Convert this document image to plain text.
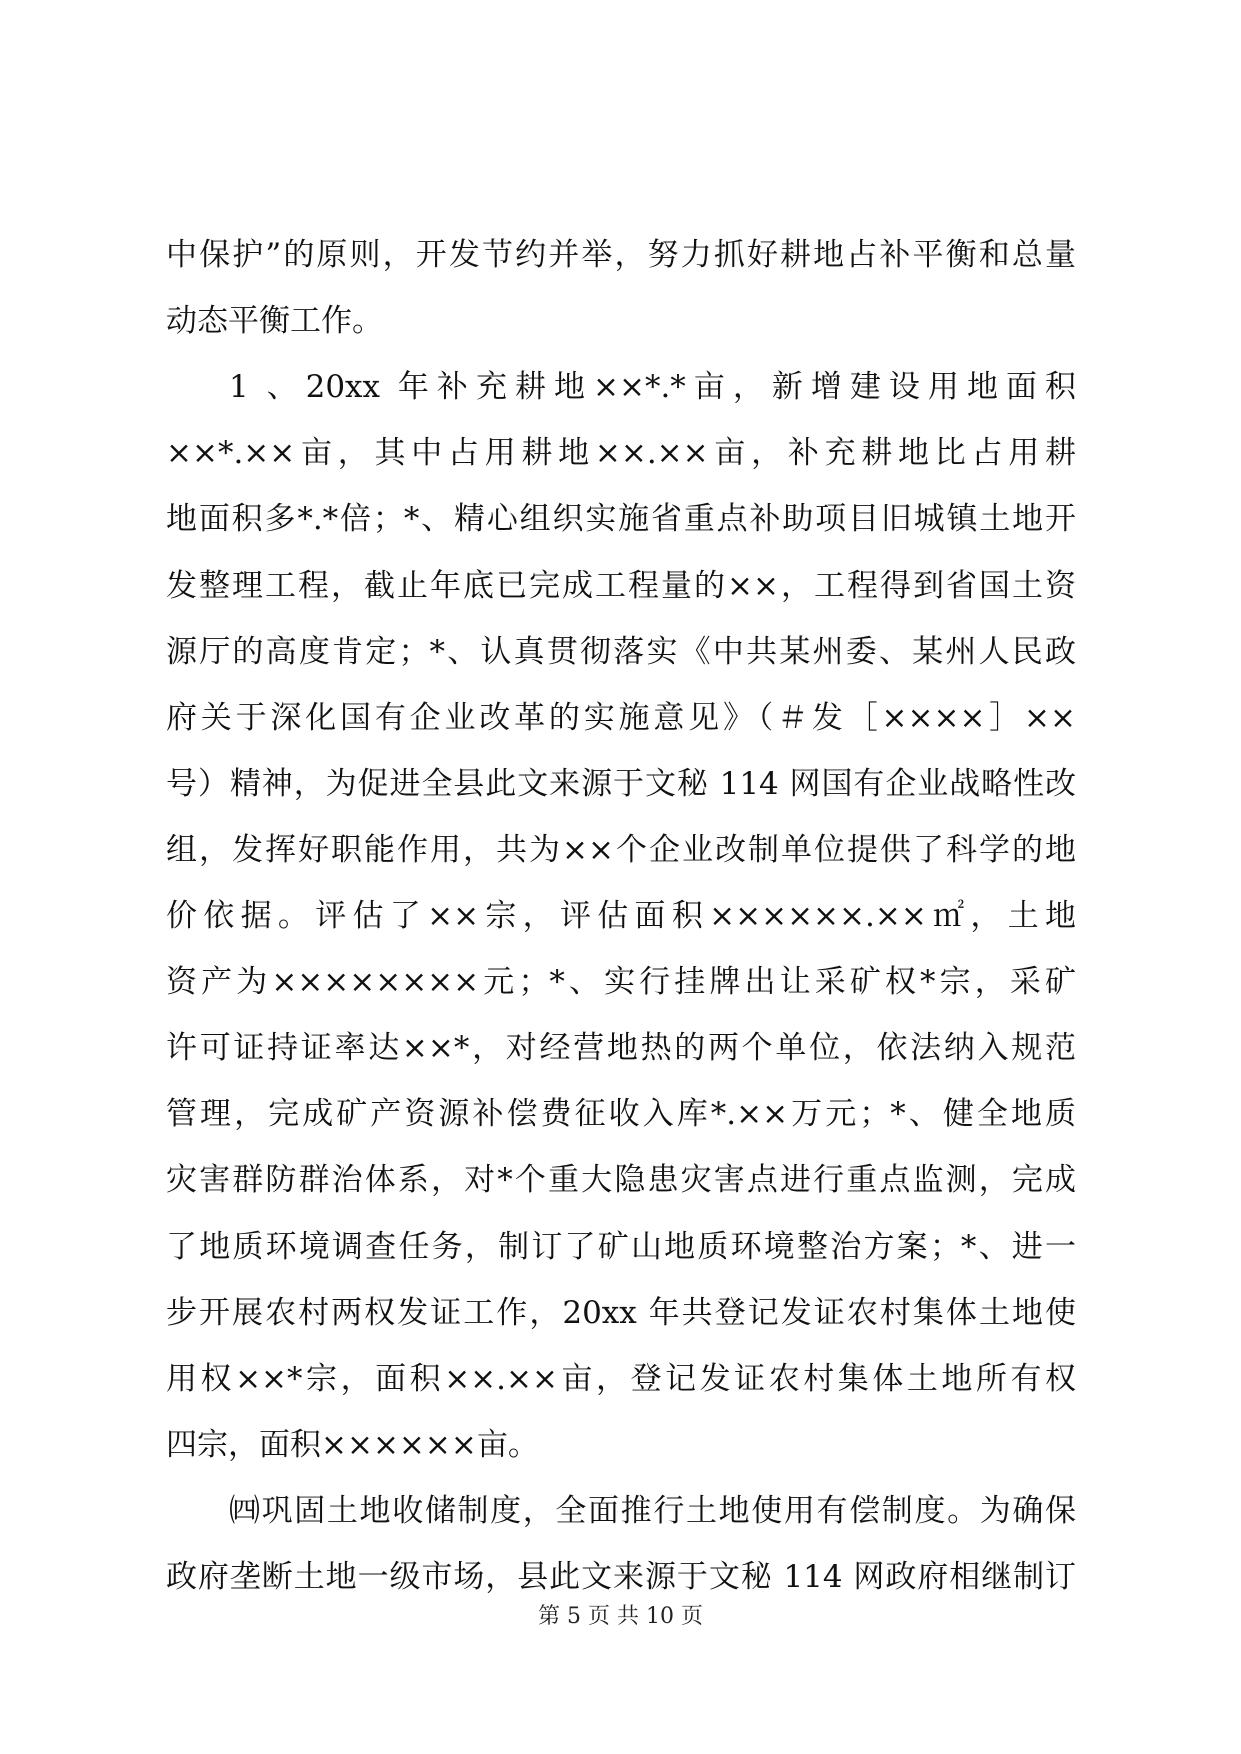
中保护”的原则，开发节约并举，努力抓好耕地占补平衡和总量
动态平衡工作。
1 、20xx 年补充耕地××*.*亩，新增建设用地面积
××*.××亩，其中占用耕地××.××亩，补充耕地比占用耕
地面积多*.*倍；*、精心组织实施省重点补助项目旧城镇土地开
发整理工程，截止年底已完成工程量的××，工程得到省国土资
源厅的高度肯定；*、认真贯彻落实《中共某州委、某州人民政
府关于深化国有企业改革的实施意见》（＃发［××××］××
号）精神，为促进全县此文来源于文秘 114 网国有企业战略性改
组，发挥好职能作用，共为××个企业改制单位提供了科学的地
价依据。评估了××宗，评估面积××××××.××㎡，土地
资产为××××××××元；*、实行挂牌出让采矿权*宗，采矿
许可证持证率达××*，对经营地热的两个单位，依法纳入规范
管理，完成矿产资源补偿费征收入库*.××万元；*、健全地质
灾害群防群治体系，对*个重大隐患灾害点进行重点监测，完成
了地质环境调查任务，制订了矿山地质环境整治方案；*、进一
步开展农村两权发证工作，20xx 年共登记发证农村集体土地使
用权××*宗，面积××.××亩，登记发证农村集体土地所有权
四宗，面积××××××亩。
㈣巩固土地收储制度，全面推行土地使用有偿制度。为确保
政府垄断土地一级市场，县此文来源于文秘 114 网政府相继制订
第 5 页 共 10 页
